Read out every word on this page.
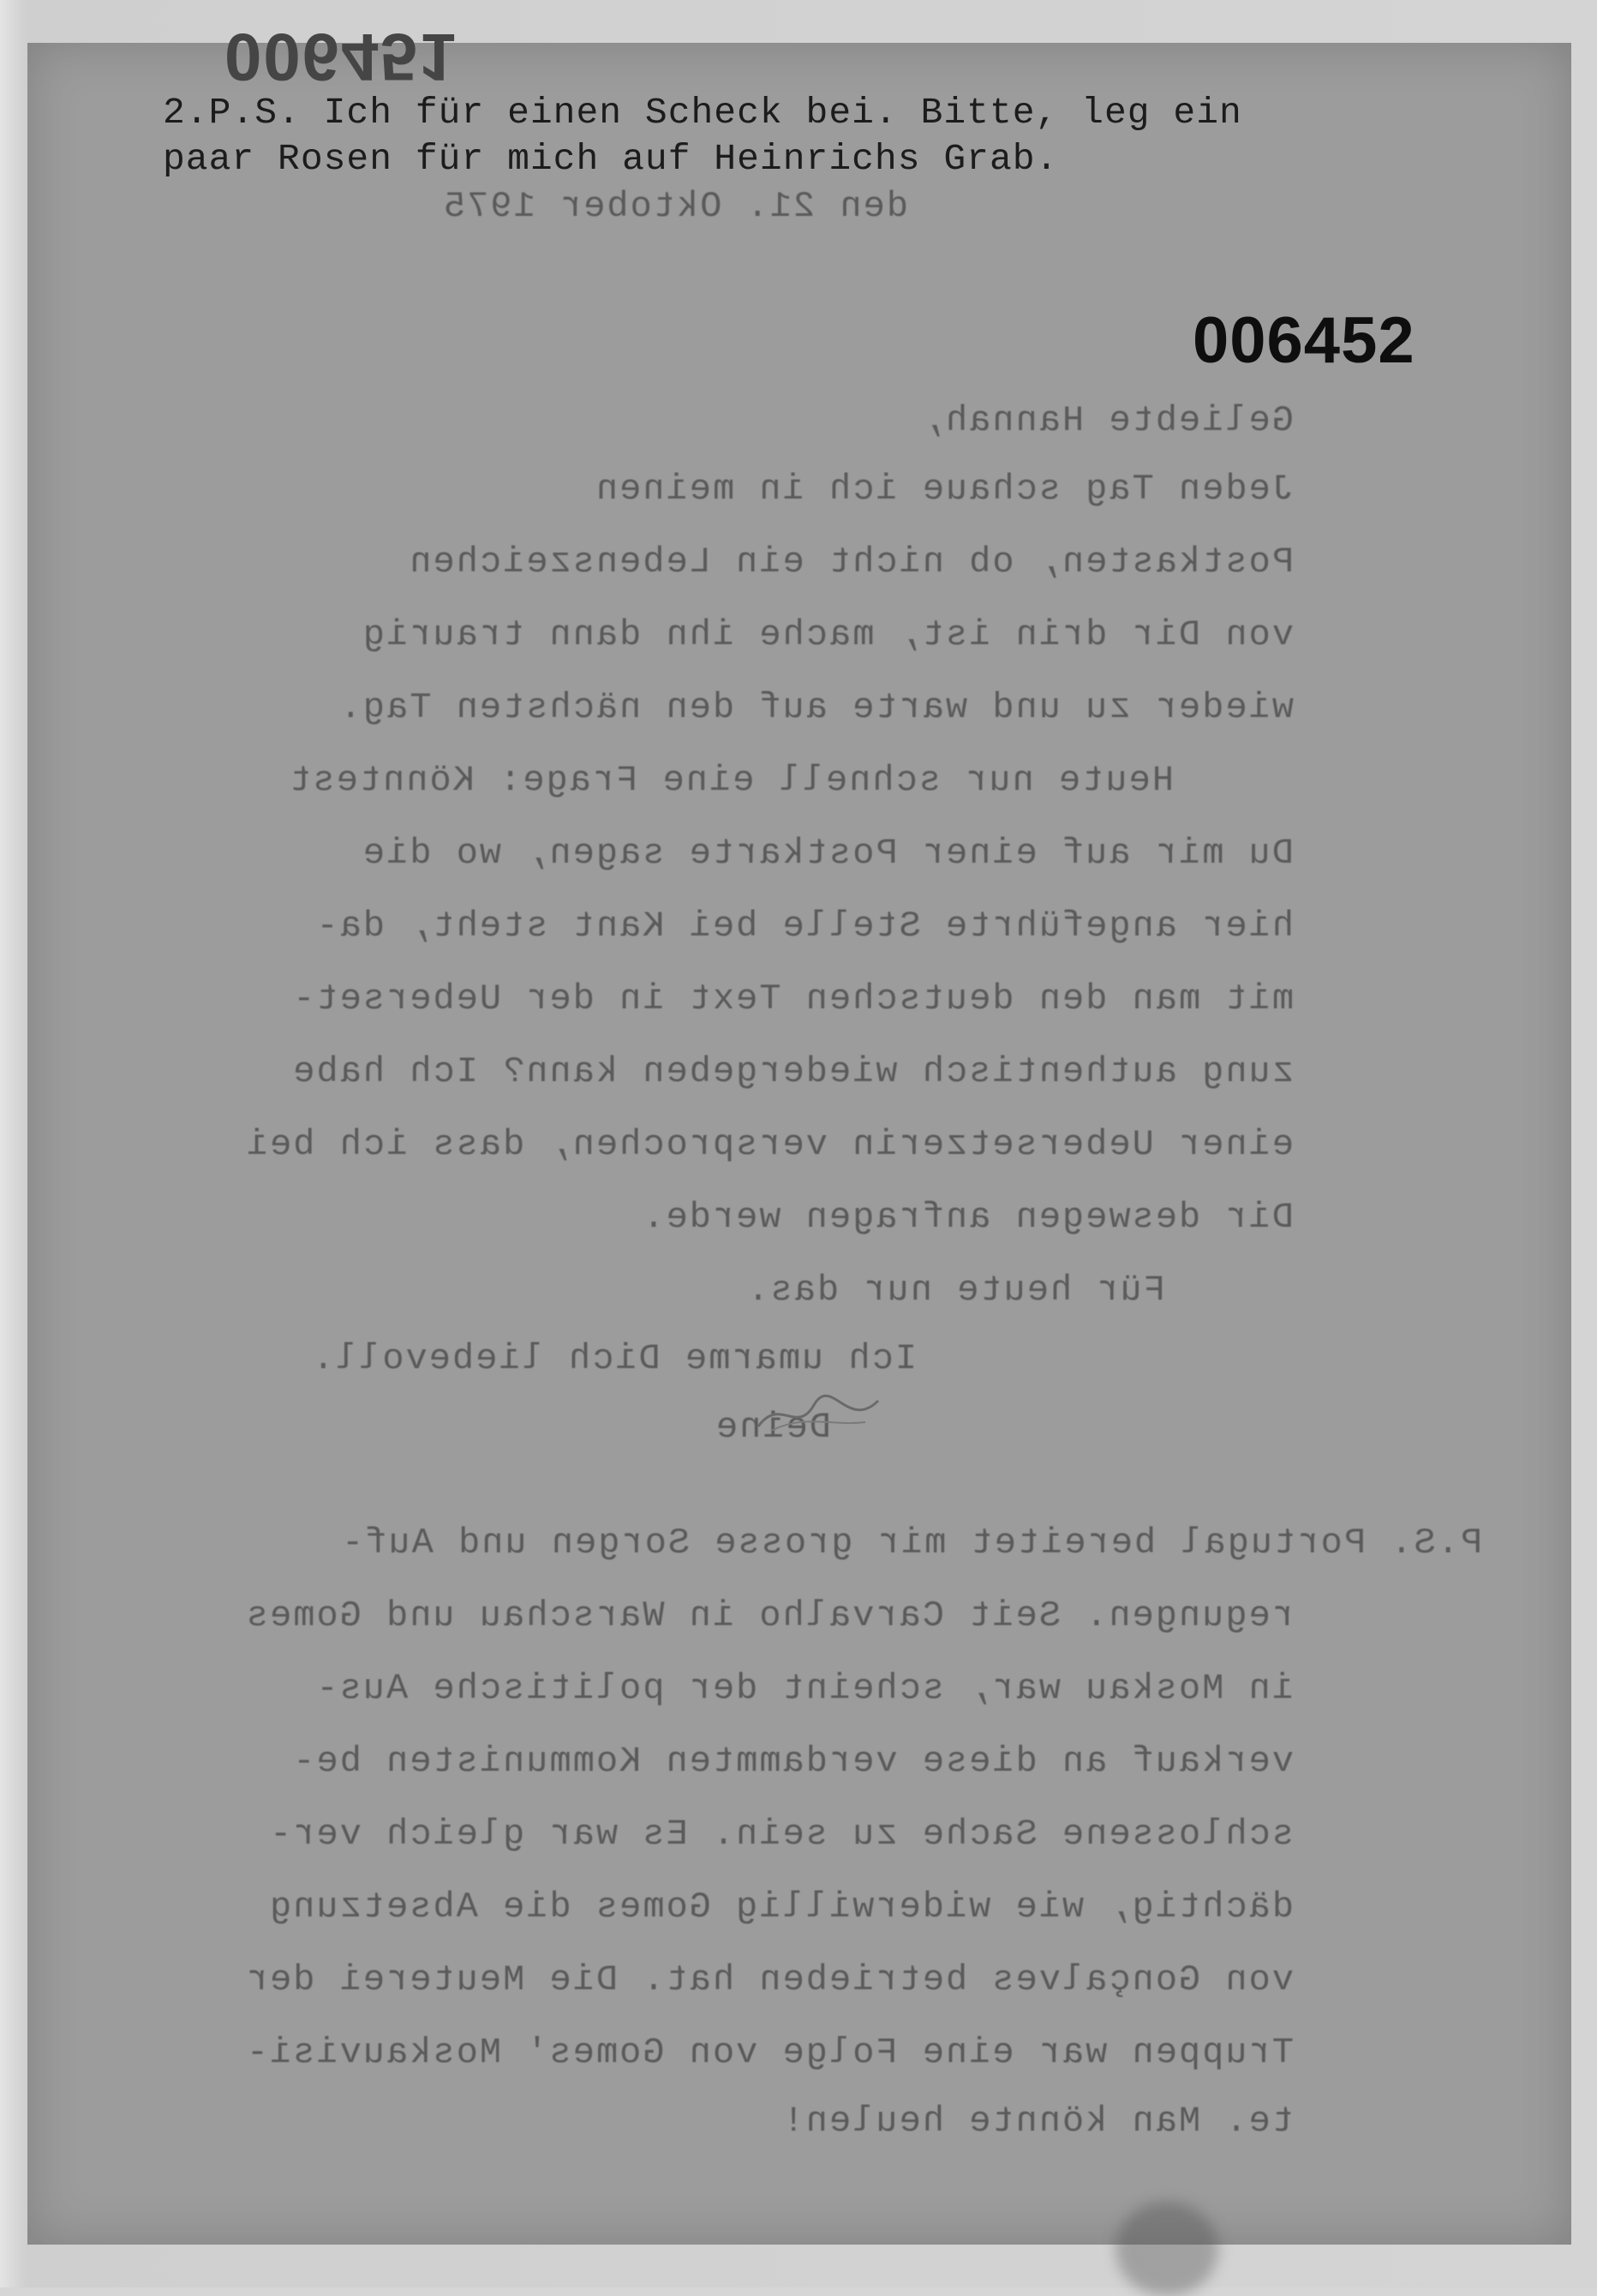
006451
006452
2.P.S. Ich für einen Scheck bei. Bitte, leg ein
paar Rosen für mich auf Heinrichs Grab.
den 21. Oktober 1975
Geliebte Hannah,
Jeden Tag schaue ich in meinen
Postkasten, ob nicht ein Lebenszeichen
von Dir drin ist, mache ihn dann traurig
wieder zu und warte auf den nächsten Tag.
Heute nur schnell eine Frage: Könntest
Du mir auf einer Postkarte sagen, wo die
hier angeführte Stelle bei Kant steht, da-
mit man den deutschen Text in der Ueberset-
zung authentisch wiedergeben kann? Ich habe
einer Uebersetzerin versprochen, dass ich bei
Dir deswegen anfragen werde.
Für heute nur das.
Ich umarme Dich liebevoll.
Deine
P.S. Portugal bereitet mir grosse Sorgen und Auf-
regungen. Seit Carvalho in Warschau und Gomes
in Moskau war, scheint der politische Aus-
verkauf an diese verdammten Kommunisten be-
schlossene Sache zu sein. Es war gleich ver-
dächtig, wie widerwillig Gomes die Absetzung
von Gonçalves betrieben hat. Die Meuterei der
Truppen war eine Folge von Gomes' Moskauvisi-
te. Man könnte heulen!
